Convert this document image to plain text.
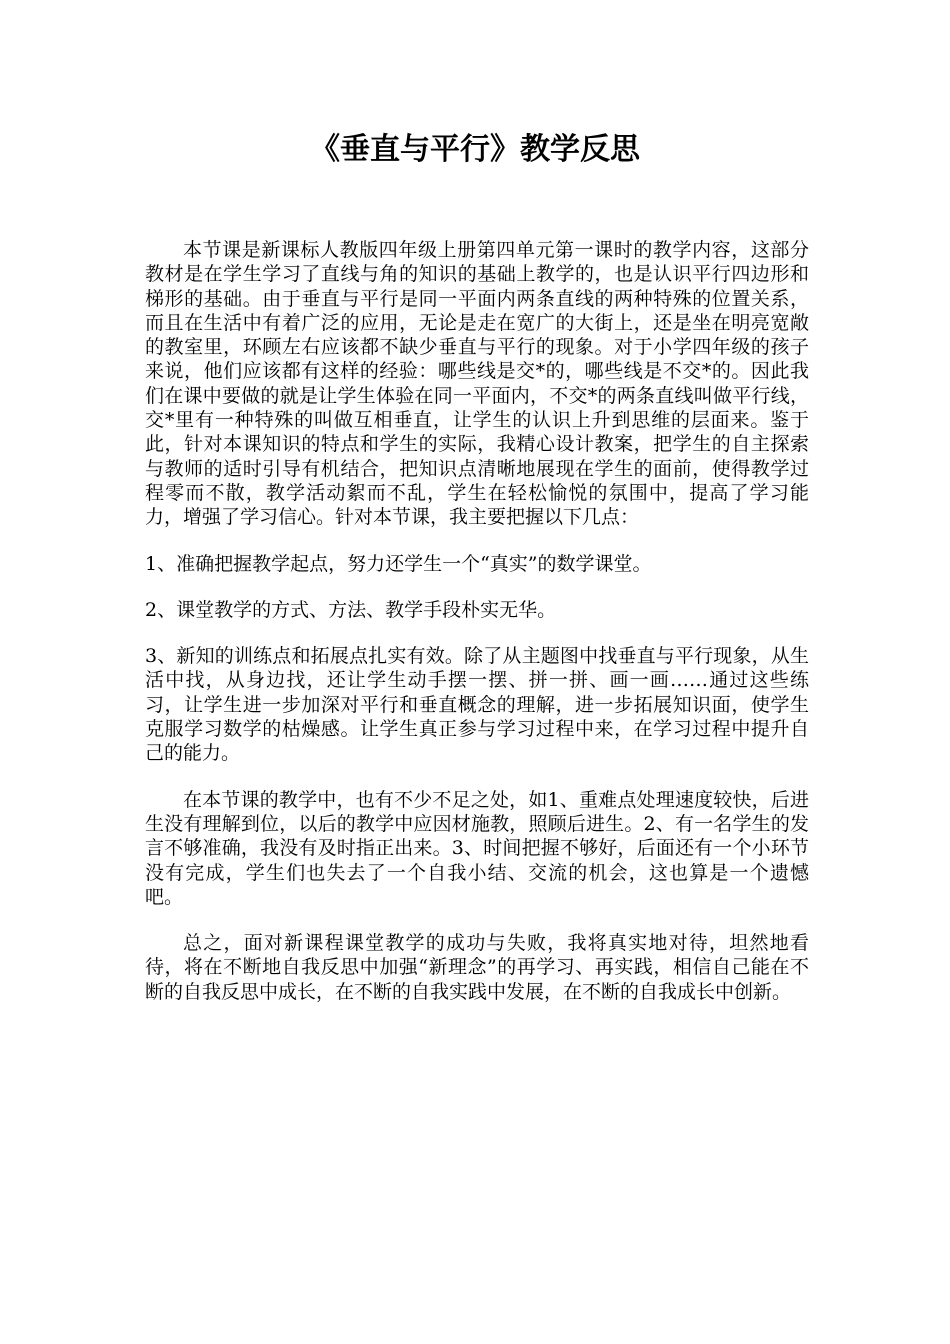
《垂直与平行》教学反思

本节课是新课标人教版四年级上册第四单元第一课时的教学内容，这部分教材是在学生学习了直线与角的知识的基础上教学的，也是认识平行四边形和梯形的基础。由于垂直与平行是同一平面内两条直线的两种特殊的位置关系，而且在生活中有着广泛的应用，无论是走在宽广的大街上，还是坐在明亮宽敞的教室里，环顾左右应该都不缺少垂直与平行的现象。对于小学四年级的孩子来说，他们应该都有这样的经验：哪些线是交*的，哪些线是不交*的。因此我们在课中要做的就是让学生体验在同一平面内，不交*的两条直线叫做平行线，交*里有一种特殊的叫做互相垂直，让学生的认识上升到思维的层面来。鉴于此，针对本课知识的特点和学生的实际，我精心设计教案，把学生的自主探索与教师的适时引导有机结合，把知识点清晰地展现在学生的面前，使得教学过程零而不散，教学活动絮而不乱，学生在轻松愉悦的氛围中，提高了学习能力，增强了学习信心。针对本节课，我主要把握以下几点：

1、准确把握教学起点，努力还学生一个“真实”的数学课堂。

2、课堂教学的方式、方法、教学手段朴实无华。

3、新知的训练点和拓展点扎实有效。除了从主题图中找垂直与平行现象，从生活中找，从身边找，还让学生动手摆一摆、拼一拼、画一画……通过这些练习，让学生进一步加深对平行和垂直概念的理解，进一步拓展知识面，使学生克服学习数学的枯燥感。让学生真正参与学习过程中来，在学习过程中提升自己的能力。

在本节课的教学中，也有不少不足之处，如1、重难点处理速度较快，后进生没有理解到位，以后的教学中应因材施教，照顾后进生。2、有一名学生的发言不够准确，我没有及时指正出来。3、时间把握不够好，后面还有一个小环节没有完成，学生们也失去了一个自我小结、交流的机会，这也算是一个遗憾吧。

总之，面对新课程课堂教学的成功与失败，我将真实地对待，坦然地看待，将在不断地自我反思中加强“新理念”的再学习、再实践，相信自己能在不断的自我反思中成长，在不断的自我实践中发展，在不断的自我成长中创新。
